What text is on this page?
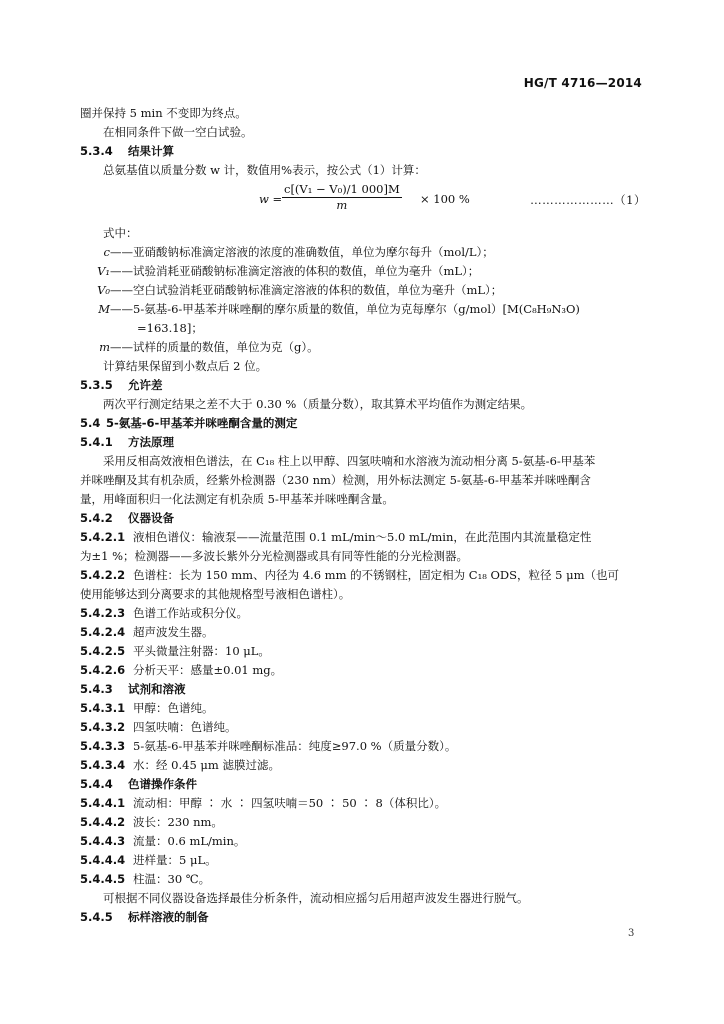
HG/T 4716—2014
圈并保持 5 min 不变即为终点。
在相同条件下做一空白试验。
5.3.4 结果计算
总氨基值以质量分数 w 计，数值用%表示，按公式（1）计算：
$w = \frac{\text{c[(V₁ − V₀)/1 000]M}}{m} \times 100$ %	…………………（1）
式中：
c——亚硝酸钠标准滴定溶液的浓度的准确数值，单位为摩尔每升（mol/L）；
V₁——试验消耗亚硝酸钠标准滴定溶液的体积的数值，单位为毫升（mL）；
V₀——空白试验消耗亚硝酸钠标准滴定溶液的体积的数值，单位为毫升（mL）；
M——5-氨基-6-甲基苯并咪唑酮的摩尔质量的数值，单位为克每摩尔（g/mol）[M(C₈H₉N₃O)
=163.18]；
m——试样的质量的数值，单位为克（g）。
计算结果保留到小数点后 2 位。
5.3.5 允许差
两次平行测定结果之差不大于 0.30 %（质量分数），取其算术平均值作为测定结果。
5.4 5-氨基-6-甲基苯并咪唑酮含量的测定
5.4.1 方法原理
采用反相高效液相色谱法，在 C₁₈ 柱上以甲醇、四氢呋喃和水溶液为流动相分离 5-氨基-6-甲基苯
并咪唑酮及其有机杂质，经紫外检测器（230 nm）检测，用外标法测定 5-氨基-6-甲基苯并咪唑酮含
量，用峰面积归一化法测定有机杂质 5-甲基苯并咪唑酮含量。
5.4.2 仪器设备
5.4.2.1 液相色谱仪：输液泵——流量范围 0.1 mL/min～5.0 mL/min，在此范围内其流量稳定性
为±1 %；检测器——多波长紫外分光检测器或具有同等性能的分光检测器。
5.4.2.2 色谱柱：长为 150 mm、内径为 4.6 mm 的不锈钢柱，固定相为 C₁₈ ODS，粒径 5 μm（也可
使用能够达到分离要求的其他规格型号液相色谱柱）。
5.4.2.3 色谱工作站或积分仪。
5.4.2.4 超声波发生器。
5.4.2.5 平头微量注射器：10 μL。
5.4.2.6 分析天平：感量±0.01 mg。
5.4.3 试剂和溶液
5.4.3.1 甲醇：色谱纯。
5.4.3.2 四氢呋喃：色谱纯。
5.4.3.3 5-氨基-6-甲基苯并咪唑酮标准品：纯度≥97.0 %（质量分数）。
5.4.3.4 水：经 0.45 μm 滤膜过滤。
5.4.4 色谱操作条件
5.4.4.1 流动相：甲醇 ∶ 水 ∶ 四氢呋喃＝50 ∶ 50 ∶ 8（体积比）。
5.4.4.2 波长：230 nm。
5.4.4.3 流量：0.6 mL/min。
5.4.4.4 进样量：5 μL。
5.4.4.5 柱温：30 ℃。
可根据不同仪器设备选择最佳分析条件，流动相应摇匀后用超声波发生器进行脱气。
5.4.5 标样溶液的制备
3
